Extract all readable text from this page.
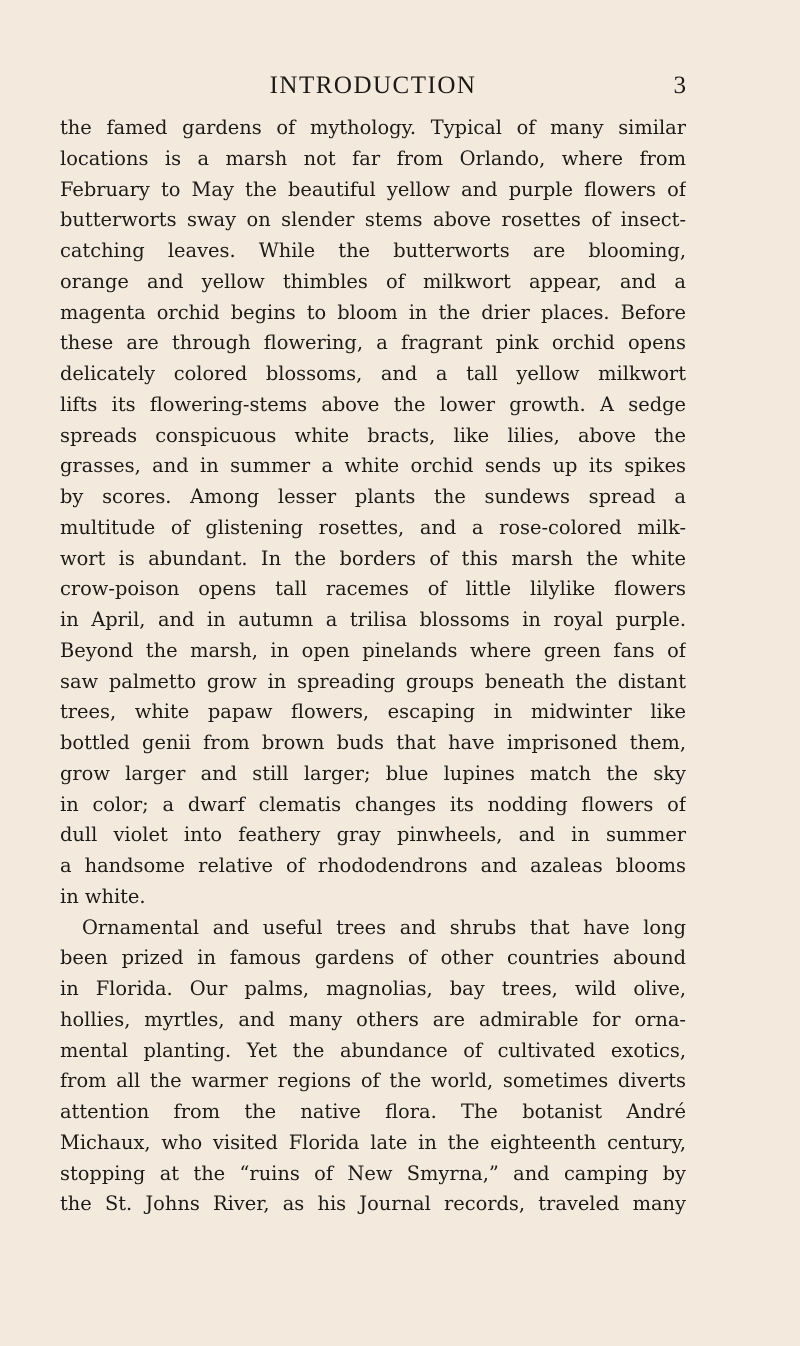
INTRODUCTION	3
the famed gardens of mythology. Typical of many similar
locations is a marsh not far from Orlando, where from
February to May the beautiful yellow and purple flowers of
butterworts sway on slender stems above rosettes of insect-
catching leaves. While the butterworts are blooming,
orange and yellow thimbles of milkwort appear, and a
magenta orchid begins to bloom in the drier places. Before
these are through flowering, a fragrant pink orchid opens
delicately colored blossoms, and a tall yellow milkwort
lifts its flowering-stems above the lower growth. A sedge
spreads conspicuous white bracts, like lilies, above the
grasses, and in summer a white orchid sends up its spikes
by scores. Among lesser plants the sundews spread a
multitude of glistening rosettes, and a rose-colored milk-
wort is abundant. In the borders of this marsh the white
crow-poison opens tall racemes of little lilylike flowers
in April, and in autumn a trilisa blossoms in royal purple.
Beyond the marsh, in open pinelands where green fans of
saw palmetto grow in spreading groups beneath the distant
trees, white papaw flowers, escaping in midwinter like
bottled genii from brown buds that have imprisoned them,
grow larger and still larger; blue lupines match the sky
in color; a dwarf clematis changes its nodding flowers of
dull violet into feathery gray pinwheels, and in summer
a handsome relative of rhododendrons and azaleas blooms
in white.
Ornamental and useful trees and shrubs that have long
been prized in famous gardens of other countries abound
in Florida. Our palms, magnolias, bay trees, wild olive,
hollies, myrtles, and many others are admirable for orna-
mental planting. Yet the abundance of cultivated exotics,
from all the warmer regions of the world, sometimes diverts
attention from the native flora. The botanist André
Michaux, who visited Florida late in the eighteenth century,
stopping at the “ruins of New Smyrna,” and camping by
the St. Johns River, as his Journal records, traveled many
